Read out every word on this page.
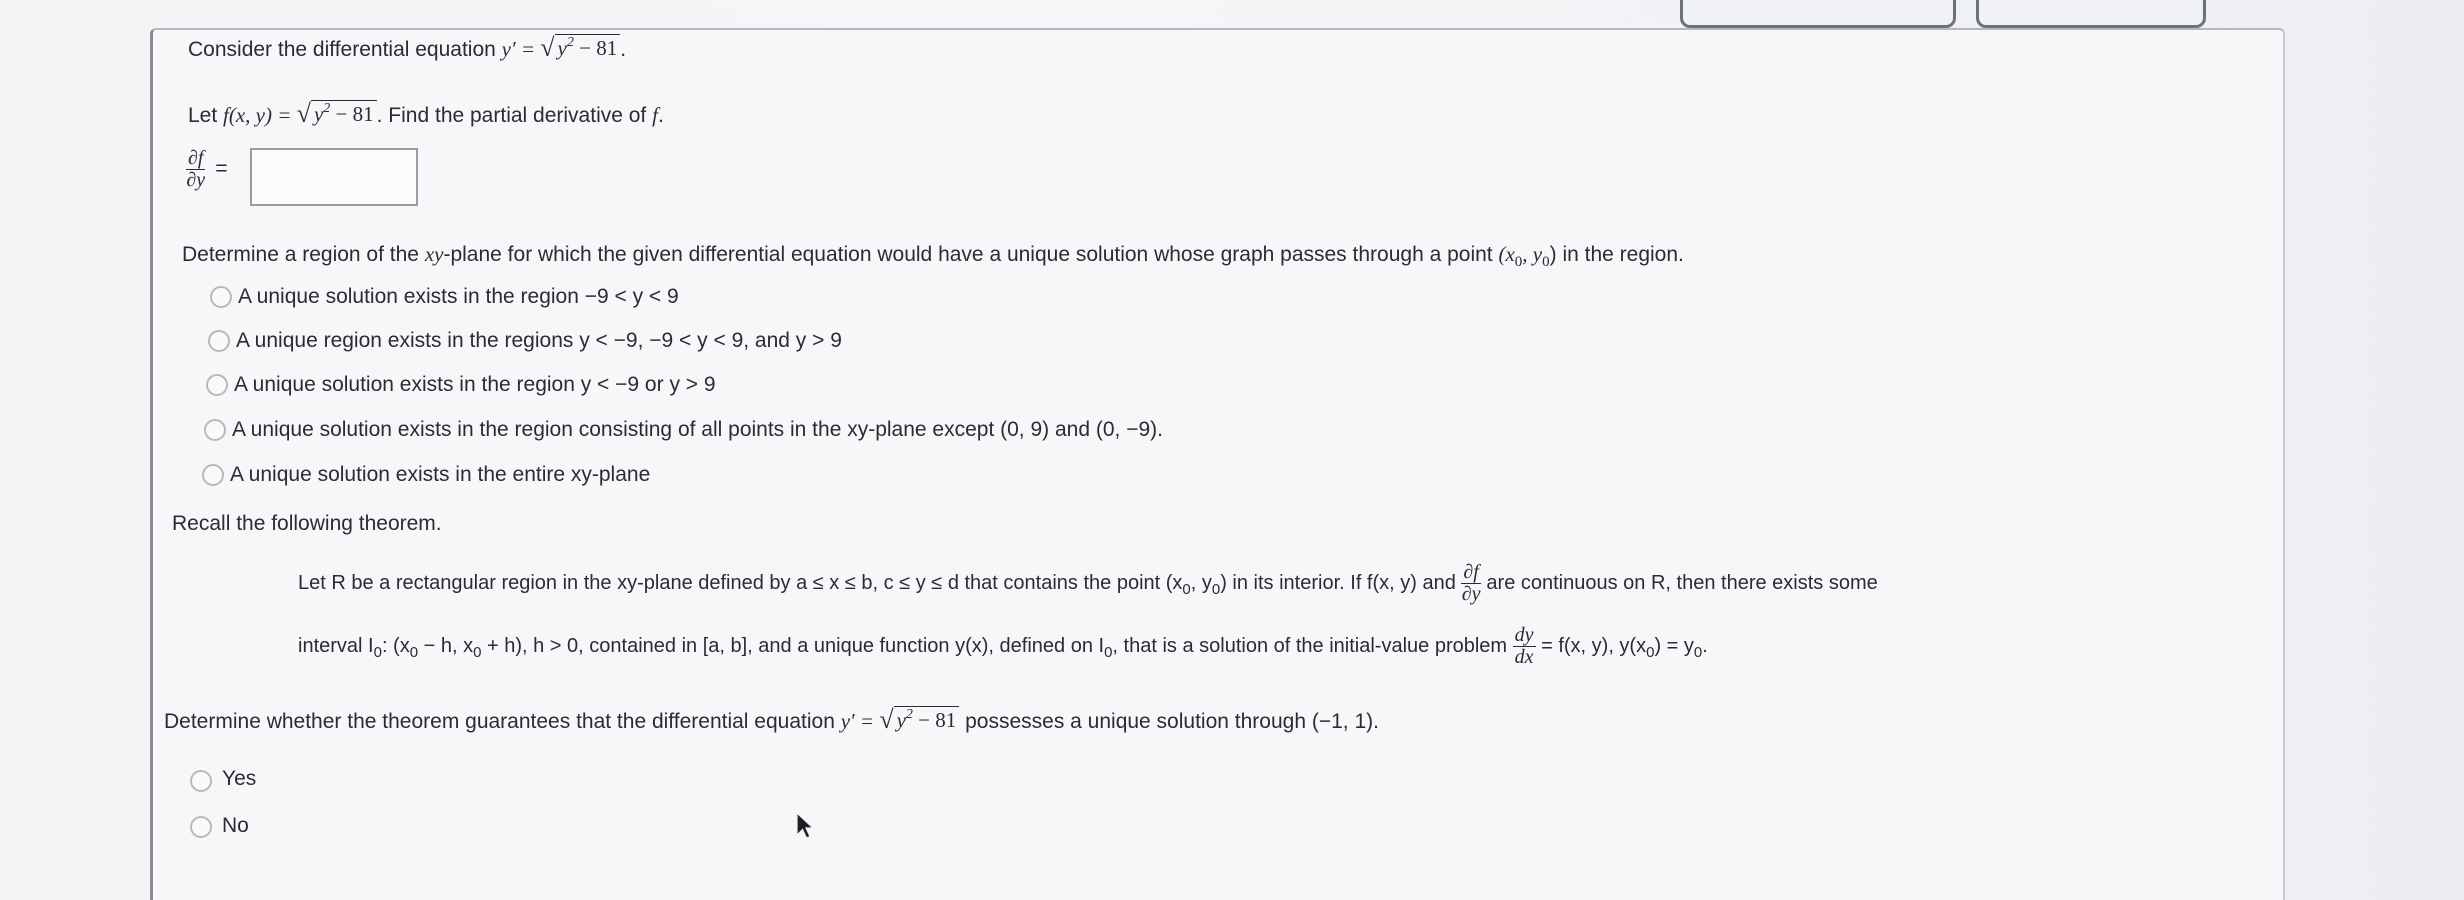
Consider the differential equation y′ = √ $y^2 - 81$ .
Let f(x, y) = √ $y^2 - 81$ . Find the partial derivative of f.
$\frac{\partial f}{\partial y}$ =
Determine a region of the xy-plane for which the given differential equation would have a unique solution whose graph passes through a point ($x_0$, $y_0$) in the region.
A unique solution exists in the region −9 < y < 9
A unique region exists in the regions y < −9, −9 < y < 9, and y > 9
A unique solution exists in the region y < −9 or y > 9
A unique solution exists in the region consisting of all points in the xy-plane except (0, 9) and (0, −9).
A unique solution exists in the entire xy-plane
Recall the following theorem.
Let R be a rectangular region in the xy-plane defined by a ≤ x ≤ b, c ≤ y ≤ d that contains the point ($x_0$, $y_0$) in its interior. If f(x, y) and $\frac{\partial f}{\partial y}$ are continuous on R, then there exists some
interval $I_0$: ($x_0 - h$, $x_0 + h$), h > 0, contained in [a, b], and a unique function y(x), defined on $I_0$, that is a solution of the initial-value problem $\frac{dy}{dx} = f(x$, y), $y(x_0) = y_0$.
Determine whether the theorem guarantees that the differential equation y′ = √ $y^2 - 81$ possesses a unique solution through (−1, 1).
Yes
No
